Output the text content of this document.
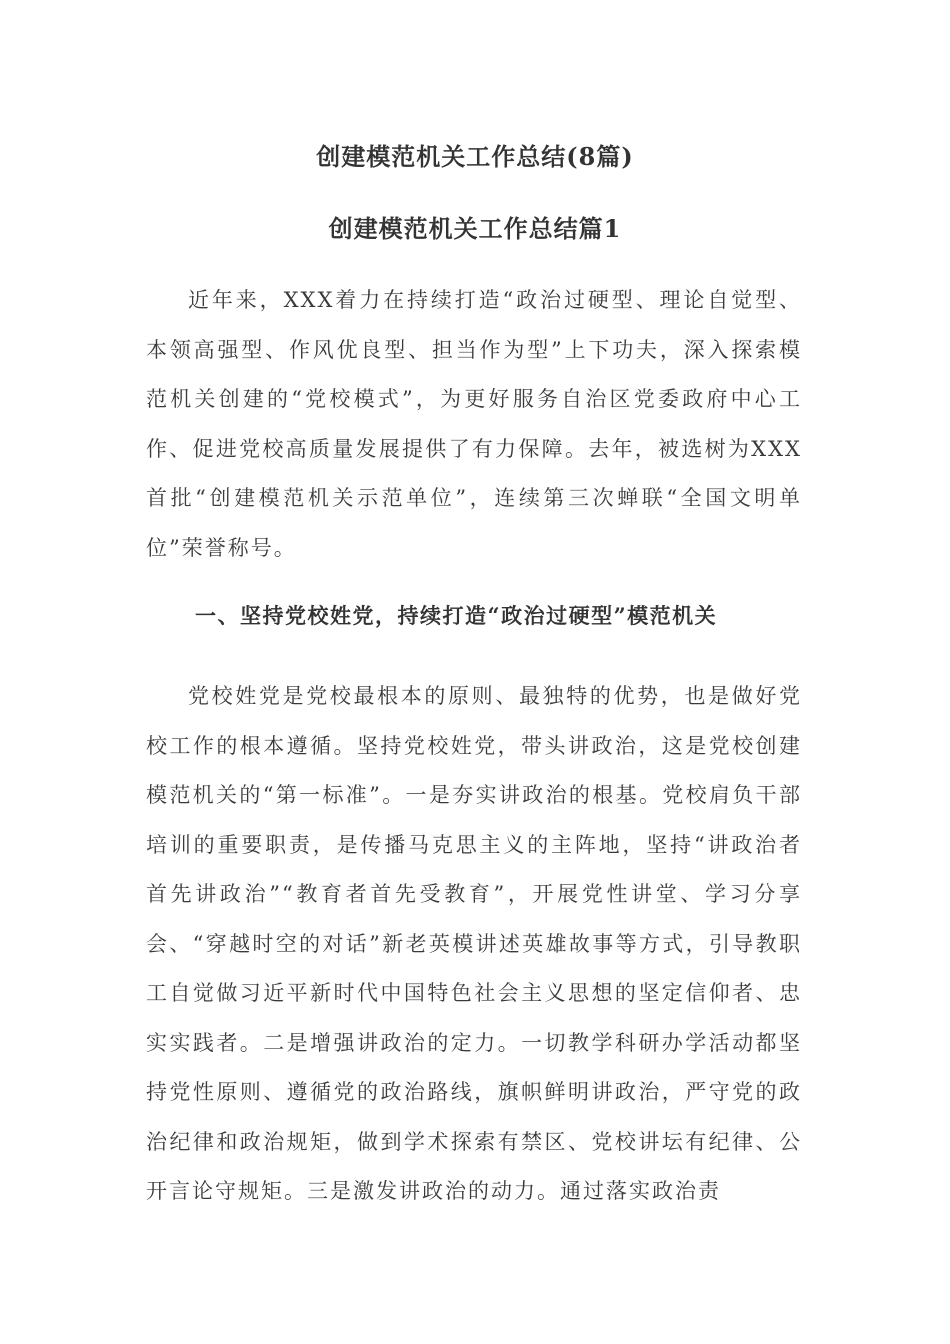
创建模范机关工作总结(8篇)
创建模范机关工作总结篇1

近年来，XXX着力在持续打造“政治过硬型、理论自觉型、本领高强型、作风优良型、担当作为型”上下功夫，深入探索模范机关创建的“党校模式”，为更好服务自治区党委政府中心工作、促进党校高质量发展提供了有力保障。去年，被选树为XXX首批“创建模范机关示范单位”，连续第三次蝉联“全国文明单位”荣誉称号。

一、坚持党校姓党，持续打造“政治过硬型”模范机关

党校姓党是党校最根本的原则、最独特的优势，也是做好党校工作的根本遵循。坚持党校姓党，带头讲政治，这是党校创建模范机关的“第一标准”。一是夯实讲政治的根基。党校肩负干部培训的重要职责，是传播马克思主义的主阵地，坚持“讲政治者首先讲政治”“教育者首先受教育”，开展党性讲堂、学习分享会、“穿越时空的对话”新老英模讲述英雄故事等方式，引导教职工自觉做习近平新时代中国特色社会主义思想的坚定信仰者、忠实实践者。二是增强讲政治的定力。一切教学科研办学活动都坚持党性原则、遵循党的政治路线，旗帜鲜明讲政治，严守党的政治纪律和政治规矩，做到学术探索有禁区、党校讲坛有纪律、公开言论守规矩。三是激发讲政治的动力。通过落实政治责
